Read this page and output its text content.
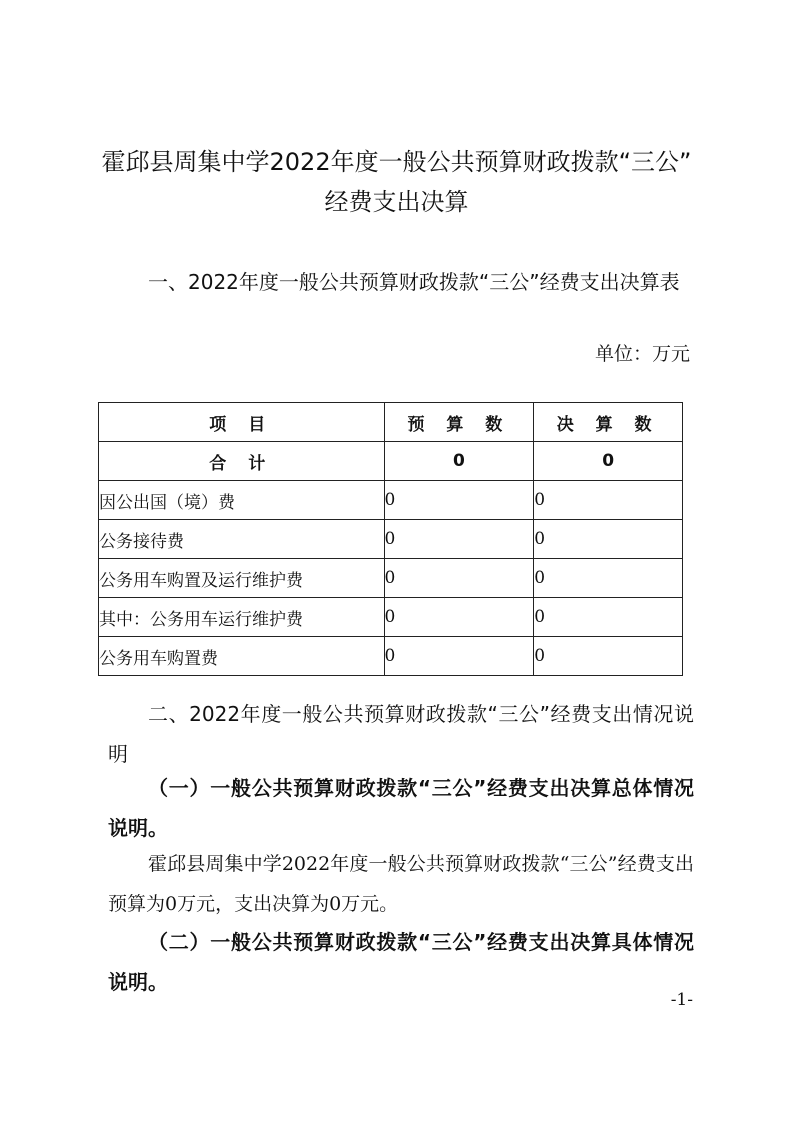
霍邱县周集中学2022年度一般公共预算财政拨款“三公”
经费支出决算

一、2022年度一般公共预算财政拨款“三公”经费支出决算表

单位：万元
项 目	预 算 数	决 算 数
合 计	0	0
因公出国（境）费	0	0
公务接待费	0	0
公务用车购置及运行维护费	0	0
其中：公务用车运行维护费	0	0
公务用车购置费	0	0

二、2022年度一般公共预算财政拨款“三公”经费支出情况说明

（一）一般公共预算财政拨款“三公”经费支出决算总体情况说明。

霍邱县周集中学2022年度一般公共预算财政拨款“三公”经费支出预算为0万元，支出决算为0万元。

（二）一般公共预算财政拨款“三公”经费支出决算具体情况说明。

-1-
